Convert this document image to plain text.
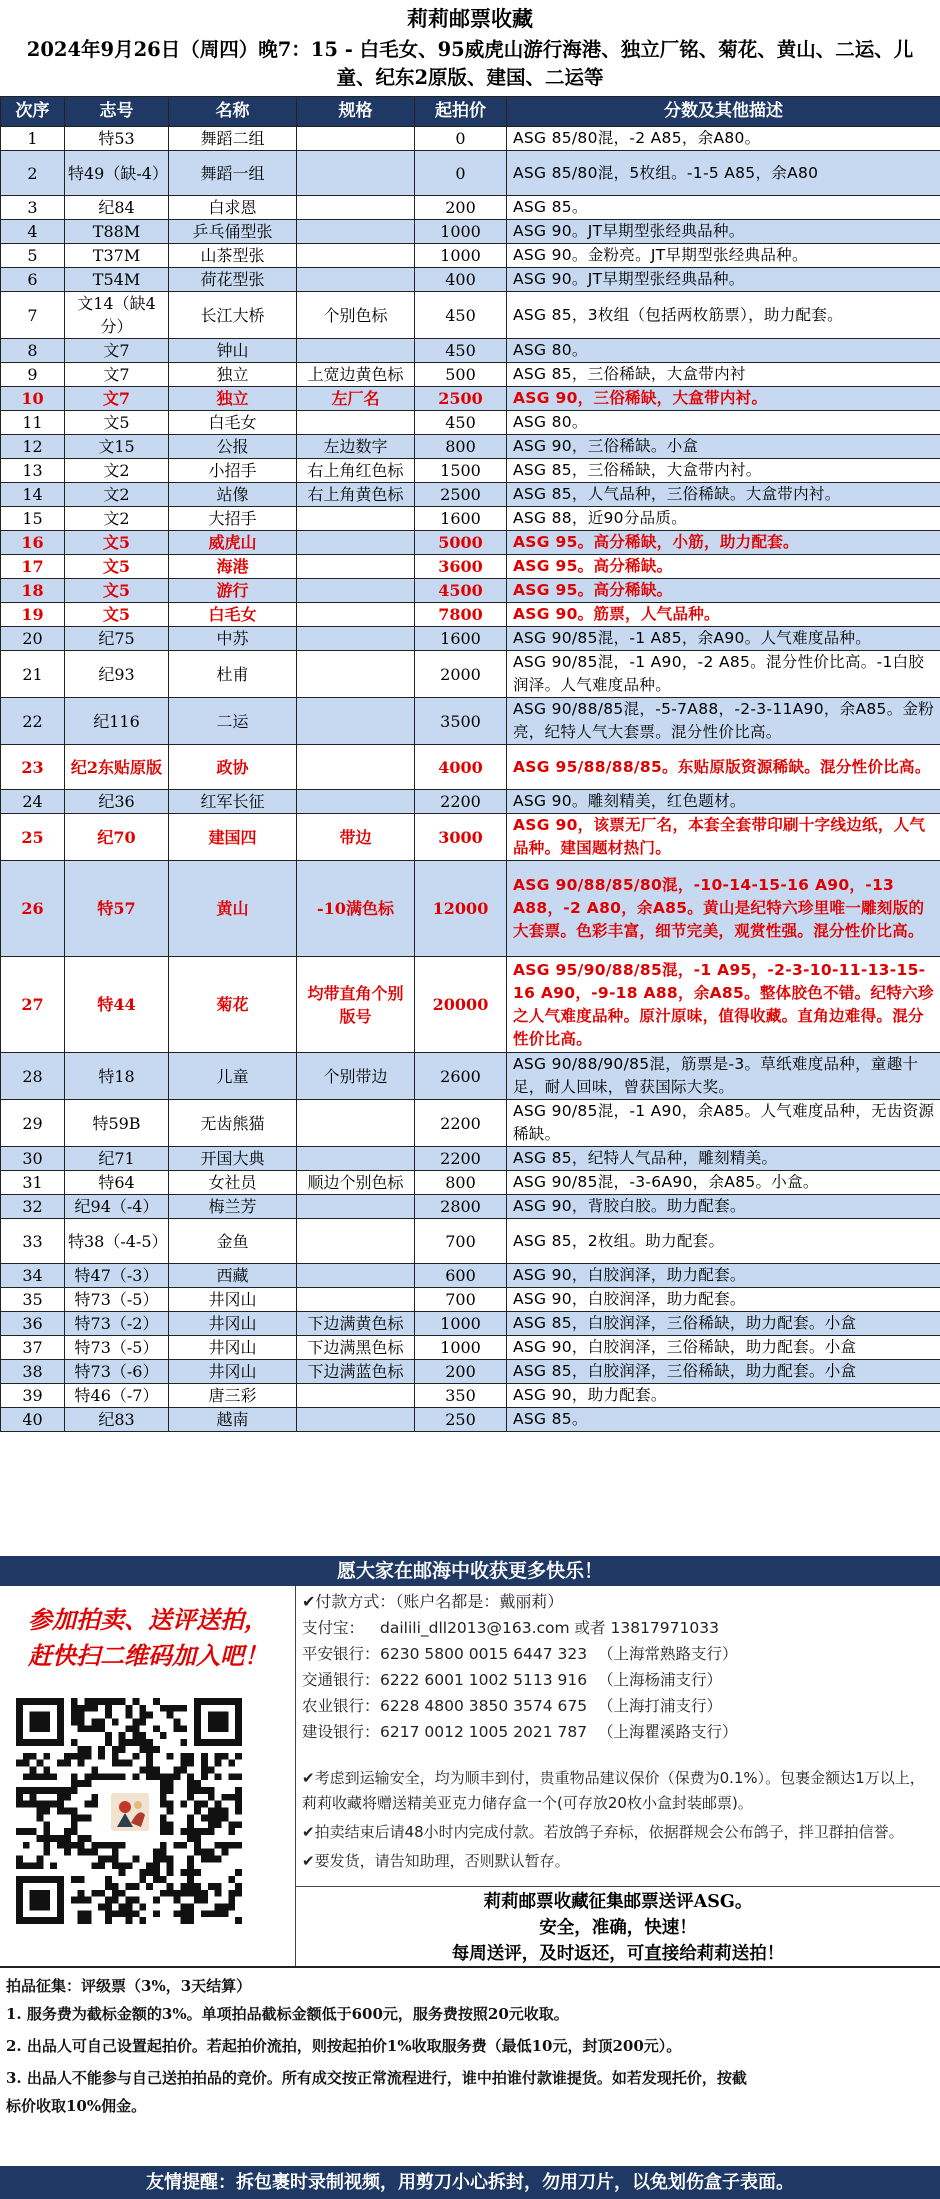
莉莉邮票收藏
2024年9月26日（周四）晚7：15 - 白毛女、95威虎山游行海港、独立厂铭、菊花、黄山、二运、儿童、纪东2原版、建国、二运等
次序	志号	名称	规格	起拍价	分数及其他描述
1	特53	舞蹈二组		0	ASG 85/80混，-2 A85，余A80。
2	特49（缺-4）	舞蹈一组		0	ASG 85/80混，5枚组。-1-5 A85，余A80
3	纪84	白求恩		200	ASG 85。
4	T88M	乒乓俑型张		1000	ASG 90。JT早期型张经典品种。
5	T37M	山茶型张		1000	ASG 90。金粉亮。JT早期型张经典品种。
6	T54M	荷花型张		400	ASG 90。JT早期型张经典品种。
7	文14（缺4分）	长江大桥	个别色标	450	ASG 85，3枚组（包括两枚筋票），助力配套。
8	文7	钟山		450	ASG 80。
9	文7	独立	上宽边黄色标	500	ASG 85，三俗稀缺，大盒带内衬
10	文7	独立	左厂名	2500	ASG 90，三俗稀缺，大盒带内衬。
11	文5	白毛女		450	ASG 80。
12	文15	公报	左边数字	800	ASG 90，三俗稀缺。小盒
13	文2	小招手	右上角红色标	1500	ASG 85，三俗稀缺，大盒带内衬。
14	文2	站像	右上角黄色标	2500	ASG 85，人气品种，三俗稀缺。大盒带内衬。
15	文2	大招手		1600	ASG 88，近90分品质。
16	文5	威虎山		5000	ASG 95。高分稀缺，小筋，助力配套。
17	文5	海港		3600	ASG 95。高分稀缺。
18	文5	游行		4500	ASG 95。高分稀缺。
19	文5	白毛女		7800	ASG 90。筋票，人气品种。
20	纪75	中苏		1600	ASG 90/85混，-1 A85，余A90。人气难度品种。
21	纪93	杜甫		2000	ASG 90/85混，-1 A90，-2 A85。混分性价比高。-1白胶润泽。人气难度品种。
22	纪116	二运		3500	ASG 90/88/85混，-5-7A88，-2-3-11A90，余A85。金粉亮，纪特人气大套票。混分性价比高。
23	纪2东贴原版	政协		4000	ASG 95/88/88/85。东贴原版资源稀缺。混分性价比高。
24	纪36	红军长征		2200	ASG 90。雕刻精美，红色题材。
25	纪70	建国四	带边	3000	ASG 90，该票无厂名，本套全套带印刷十字线边纸，人气品种。建国题材热门。
26	特57	黄山	-10满色标	12000	ASG 90/88/85/80混，-10-14-15-16 A90，-13 A88，-2 A80，余A85。黄山是纪特六珍里唯一雕刻版的大套票。色彩丰富，细节完美，观赏性强。混分性价比高。
27	特44	菊花	均带直角个别版号	20000	ASG 95/90/88/85混，-1 A95，-2-3-10-11-13-15-16 A90，-9-18 A88，余A85。整体胶色不错。纪特六珍之人气难度品种。原汁原味，值得收藏。直角边难得。混分性价比高。
28	特18	儿童	个别带边	2600	ASG 90/88/90/85混，筋票是-3。草纸难度品种，童趣十足，耐人回味，曾获国际大奖。
29	特59B	无齿熊猫		2200	ASG 90/85混，-1 A90，余A85。人气难度品种，无齿资源稀缺。
30	纪71	开国大典		2200	ASG 85，纪特人气品种，雕刻精美。
31	特64	女社员	顺边个别色标	800	ASG 90/85混，-3-6A90，余A85。小盒。
32	纪94（-4）	梅兰芳		2800	ASG 90，背胶白胶。助力配套。
33	特38（-4-5）	金鱼		700	ASG 85，2枚组。助力配套。
34	特47（-3）	西藏		600	ASG 90，白胶润泽，助力配套。
35	特73（-5）	井冈山		700	ASG 90，白胶润泽，助力配套。
36	特73（-2）	井冈山	下边满黄色标	1000	ASG 85，白胶润泽，三俗稀缺，助力配套。小盒
37	特73（-5）	井冈山	下边满黑色标	1000	ASG 90，白胶润泽，三俗稀缺，助力配套。小盒
38	特73（-6）	井冈山	下边满蓝色标	200	ASG 85，白胶润泽，三俗稀缺，助力配套。小盒
39	特46（-7）	唐三彩		350	ASG 90，助力配套。
40	纪83	越南		250	ASG 85。
愿大家在邮海中收获更多快乐！
参加拍卖、送评送拍，
赶快扫二维码加入吧！
✔付款方式：（账户名都是：戴丽莉）
支付宝： dailili_dll2013@163.com 或者 13817971033
平安银行：6230 5800 0015 6447 323 （上海常熟路支行）
交通银行：6222 6001 1002 5113 916 （上海杨浦支行）
农业银行：6228 4800 3850 3574 675 （上海打浦支行）
建设银行：6217 0012 1005 2021 787 （上海瞿溪路支行）

✔考虑到运输安全，均为顺丰到付，贵重物品建议保价（保费为0.1%）。包裹金额达1万以上，莉莉收藏将赠送精美亚克力储存盒一个(可存放20枚小盒封装邮票)。

✔拍卖结束后请48小时内完成付款。若放鸽子弃标，依据群规会公布鸽子，拌卫群拍信誉。

✔要发货，请告知助理，否则默认暂存。

莉莉邮票收藏征集邮票送评ASG。
安全，准确，快速！
每周送评，及时返还，可直接给莉莉送拍！
拍品征集：评级票（3%，3天结算）
1. 服务费为截标金额的3%。单项拍品截标金额低于600元，服务费按照20元收取。
2. 出品人可自己设置起拍价。若起拍价流拍，则按起拍价1%收取服务费（最低10元，封顶200元）。
3. 出品人不能参与自己送拍拍品的竞价。所有成交按正常流程进行，谁中拍谁付款谁提货。如若发现托价，按截
标价收取10%佣金。
友情提醒：拆包裹时录制视频，用剪刀小心拆封，勿用刀片，以免划伤盒子表面。
